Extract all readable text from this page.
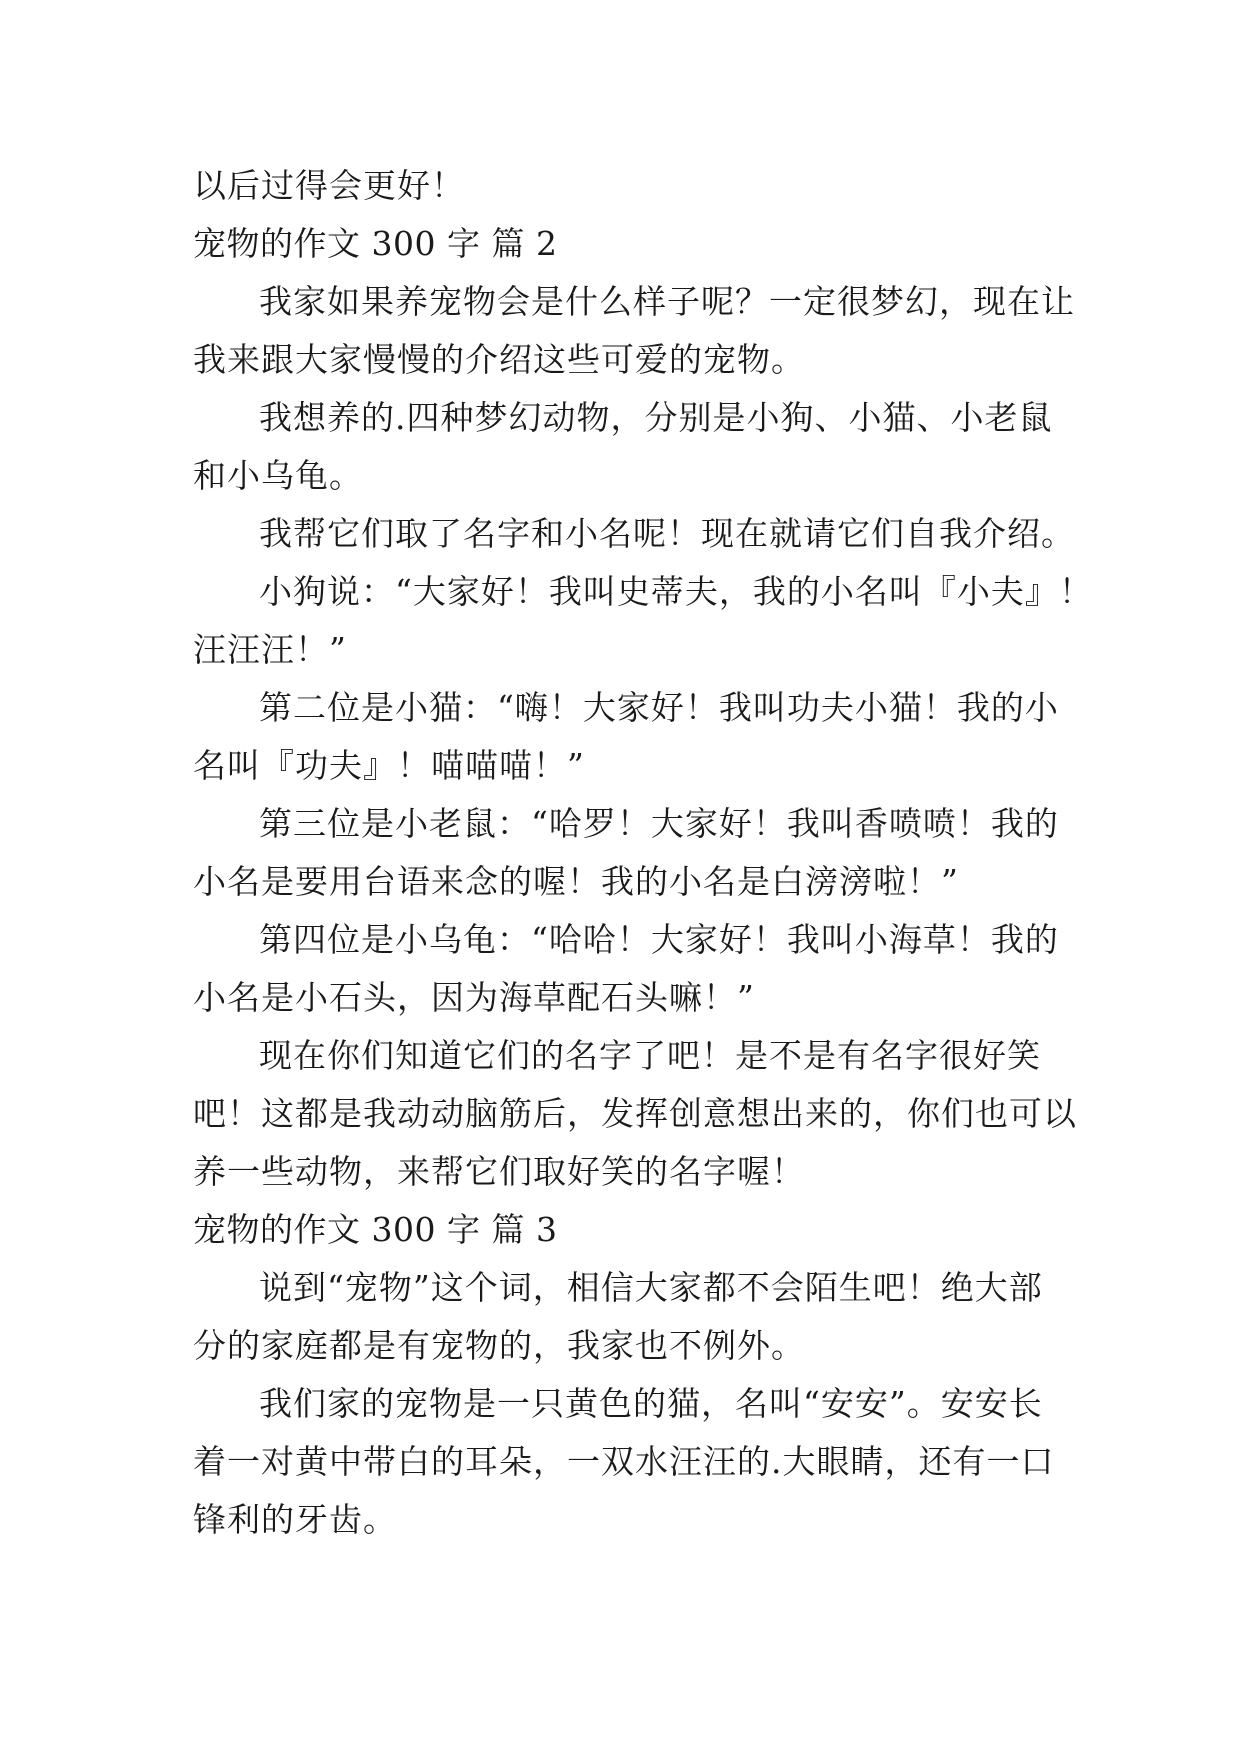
以后过得会更好！
宠物的作文 300 字 篇 2
我家如果养宠物会是什么样子呢？一定很梦幻，现在让
我来跟大家慢慢的介绍这些可爱的宠物。
我想养的.四种梦幻动物，分别是小狗、小猫、小老鼠
和小乌龟。
我帮它们取了名字和小名呢！现在就请它们自我介绍。
小狗说：“大家好！我叫史蒂夫，我的小名叫『小夫』！
汪汪汪！”
第二位是小猫：“嗨！大家好！我叫功夫小猫！我的小
名叫『功夫』！喵喵喵！”
第三位是小老鼠：“哈罗！大家好！我叫香喷喷！我的
小名是要用台语来念的喔！我的小名是白滂滂啦！”
第四位是小乌龟：“哈哈！大家好！我叫小海草！我的
小名是小石头，因为海草配石头嘛！”
现在你们知道它们的名字了吧！是不是有名字很好笑
吧！这都是我动动脑筋后，发挥创意想出来的，你们也可以
养一些动物，来帮它们取好笑的名字喔！
宠物的作文 300 字 篇 3
说到“宠物”这个词，相信大家都不会陌生吧！绝大部
分的家庭都是有宠物的，我家也不例外。
我们家的宠物是一只黄色的猫，名叫“安安”。安安长
着一对黄中带白的耳朵，一双水汪汪的.大眼睛，还有一口
锋利的牙齿。
